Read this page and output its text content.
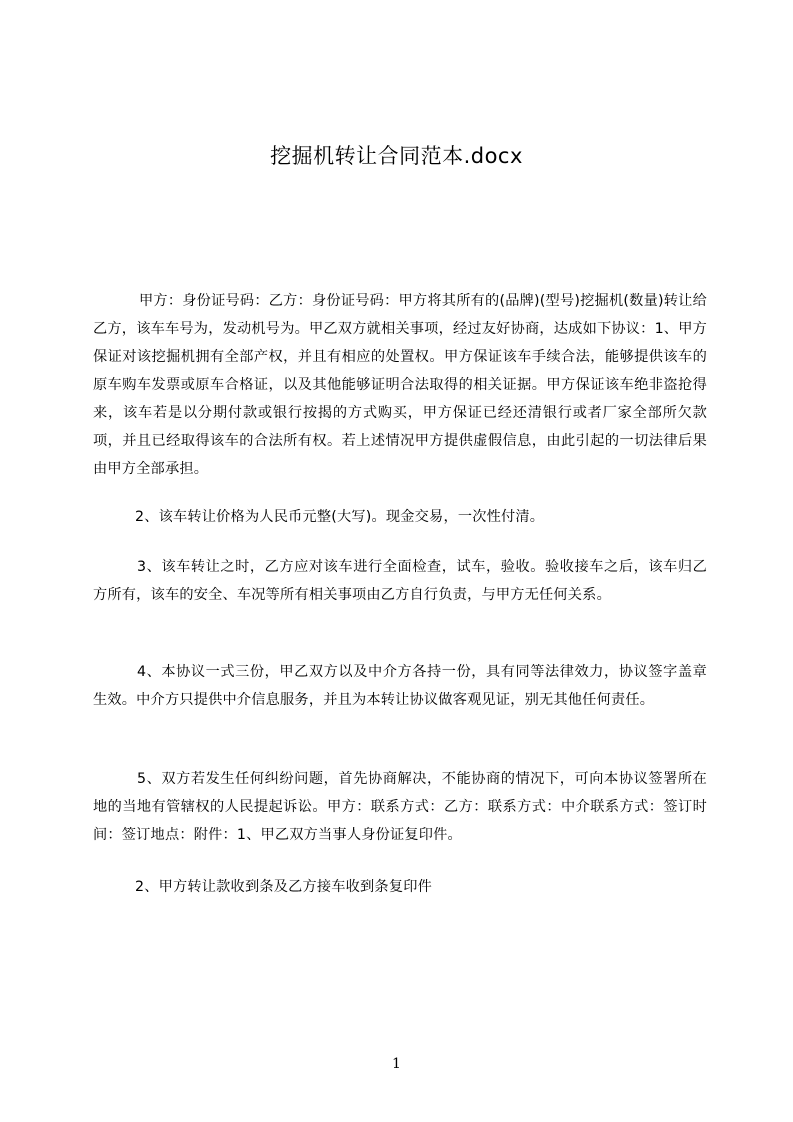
挖掘机转让合同范本.docx

甲方：身份证号码：乙方：身份证号码：甲方将其所有的(品牌)(型号)挖掘机(数量)转让给乙方，该车车号为，发动机号为。甲乙双方就相关事项，经过友好协商，达成如下协议：1、甲方保证对该挖掘机拥有全部产权，并且有相应的处置权。甲方保证该车手续合法，能够提供该车的原车购车发票或原车合格证，以及其他能够证明合法取得的相关证据。甲方保证该车绝非盗抢得来，该车若是以分期付款或银行按揭的方式购买，甲方保证已经还清银行或者厂家全部所欠款项，并且已经取得该车的合法所有权。若上述情况甲方提供虚假信息，由此引起的一切法律后果由甲方全部承担。

2、该车转让价格为人民币元整(大写)。现金交易，一次性付清。

3、该车转让之时，乙方应对该车进行全面检查，试车，验收。验收接车之后，该车归乙方所有，该车的安全、车况等所有相关事项由乙方自行负责，与甲方无任何关系。

4、本协议一式三份，甲乙双方以及中介方各持一份，具有同等法律效力，协议签字盖章生效。中介方只提供中介信息服务，并且为本转让协议做客观见证，别无其他任何责任。

5、双方若发生任何纠纷问题，首先协商解决，不能协商的情况下，可向本协议签署所在地的当地有管辖权的人民提起诉讼。甲方：联系方式：乙方：联系方式：中介联系方式：签订时间：签订地点：附件：1、甲乙双方当事人身份证复印件。

2、甲方转让款收到条及乙方接车收到条复印件

1
